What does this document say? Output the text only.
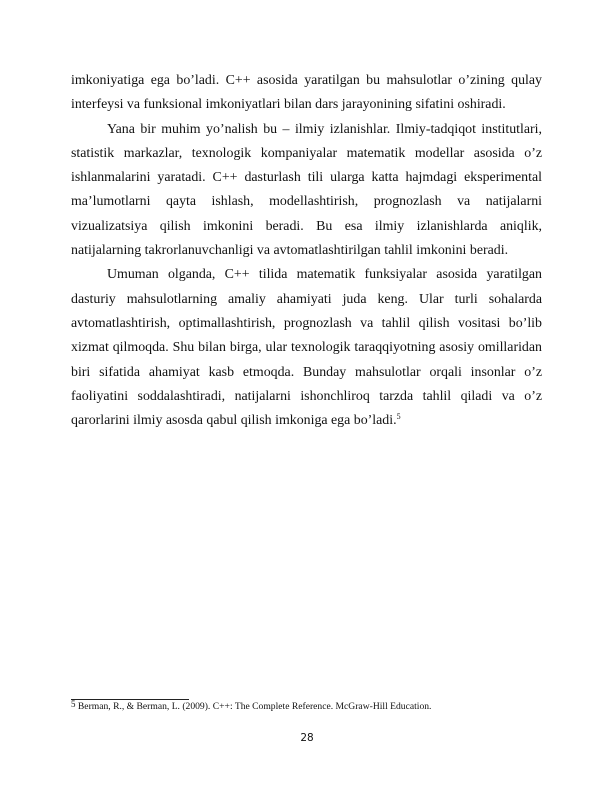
imkoniyatiga ega bo’ladi. C++ asosida yaratilgan bu mahsulotlar o’zining qulay interfeysi va funksional imkoniyatlari bilan dars jarayonining sifatini oshiradi.

Yana bir muhim yo’nalish bu – ilmiy izlanishlar. Ilmiy-tadqiqot institutlari, statistik markazlar, texnologik kompaniyalar matematik modellar asosida o’z ishlanmalarini yaratadi. C++ dasturlash tili ularga katta hajmdagi eksperimental ma’lumotlarni qayta ishlash, modellashtirish, prognozlash va natijalarni vizualizatsiya qilish imkonini beradi. Bu esa ilmiy izlanishlarda aniqlik, natijalarning takrorlanuvchanligi va avtomatlashtirilgan tahlil imkonini beradi.

Umuman olganda, C++ tilida matematik funksiyalar asosida yaratilgan dasturiy mahsulotlarning amaliy ahamiyati juda keng. Ular turli sohalarda avtomatlashtirish, optimallashtirish, prognozlash va tahlil qilish vositasi bo’lib xizmat qilmoqda. Shu bilan birga, ular texnologik taraqqiyotning asosiy omillaridan biri sifatida ahamiyat kasb etmoqda. Bunday mahsulotlar orqali insonlar o’z faoliyatini soddalashtiradi, natijalarni ishonchliroq tarzda tahlil qiladi va o’z qarorlarini ilmiy asosda qabul qilish imkoniga ega bo’ladi.$^5$

$^5$ Berman, R., & Berman, L. (2009). C++: The Complete Reference. McGraw-Hill Education.
28
